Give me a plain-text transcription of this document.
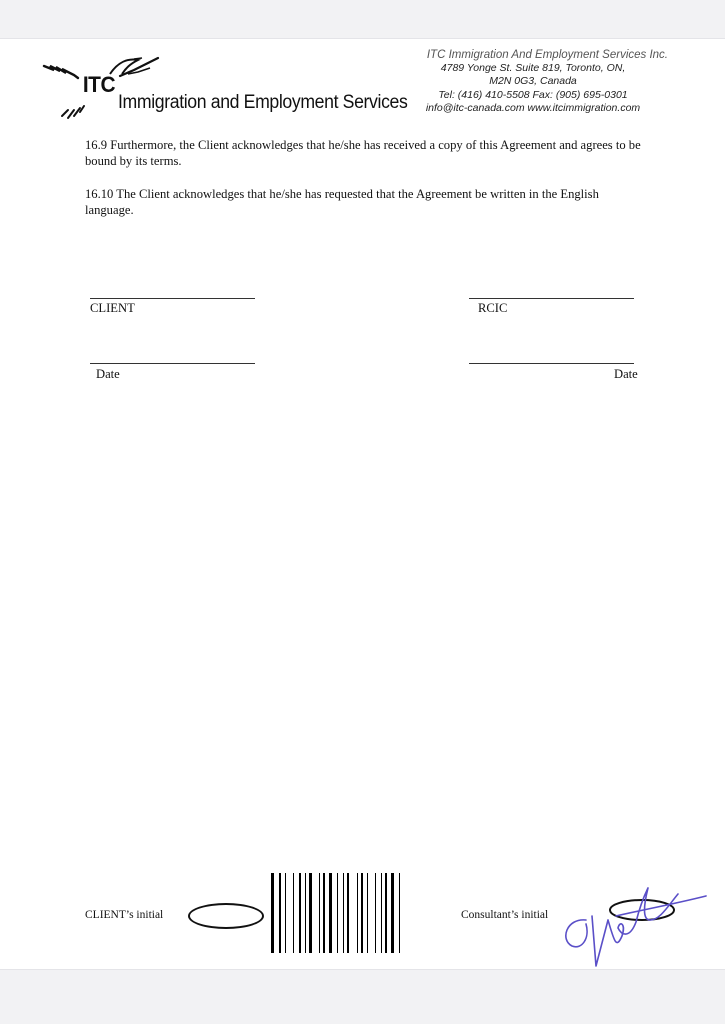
ITC
Immigration and Employment Services
ITC Immigration And Employment Services Inc.
4789 Yonge St. Suite 819, Toronto, ON,
M2N 0G3, Canada
Tel: (416) 410-5508 Fax: (905) 695-0301
info@itc-canada.com www.itcimmigration.com
16.9 Furthermore, the Client acknowledges that he/she has received a copy of this Agreement and agrees to be bound by its terms.
16.10 The Client acknowledges that he/she has requested that the Agreement be written in the English language.
CLIENT	RCIC
Date	Date
CLIENT’s initial	Consultant’s initial
